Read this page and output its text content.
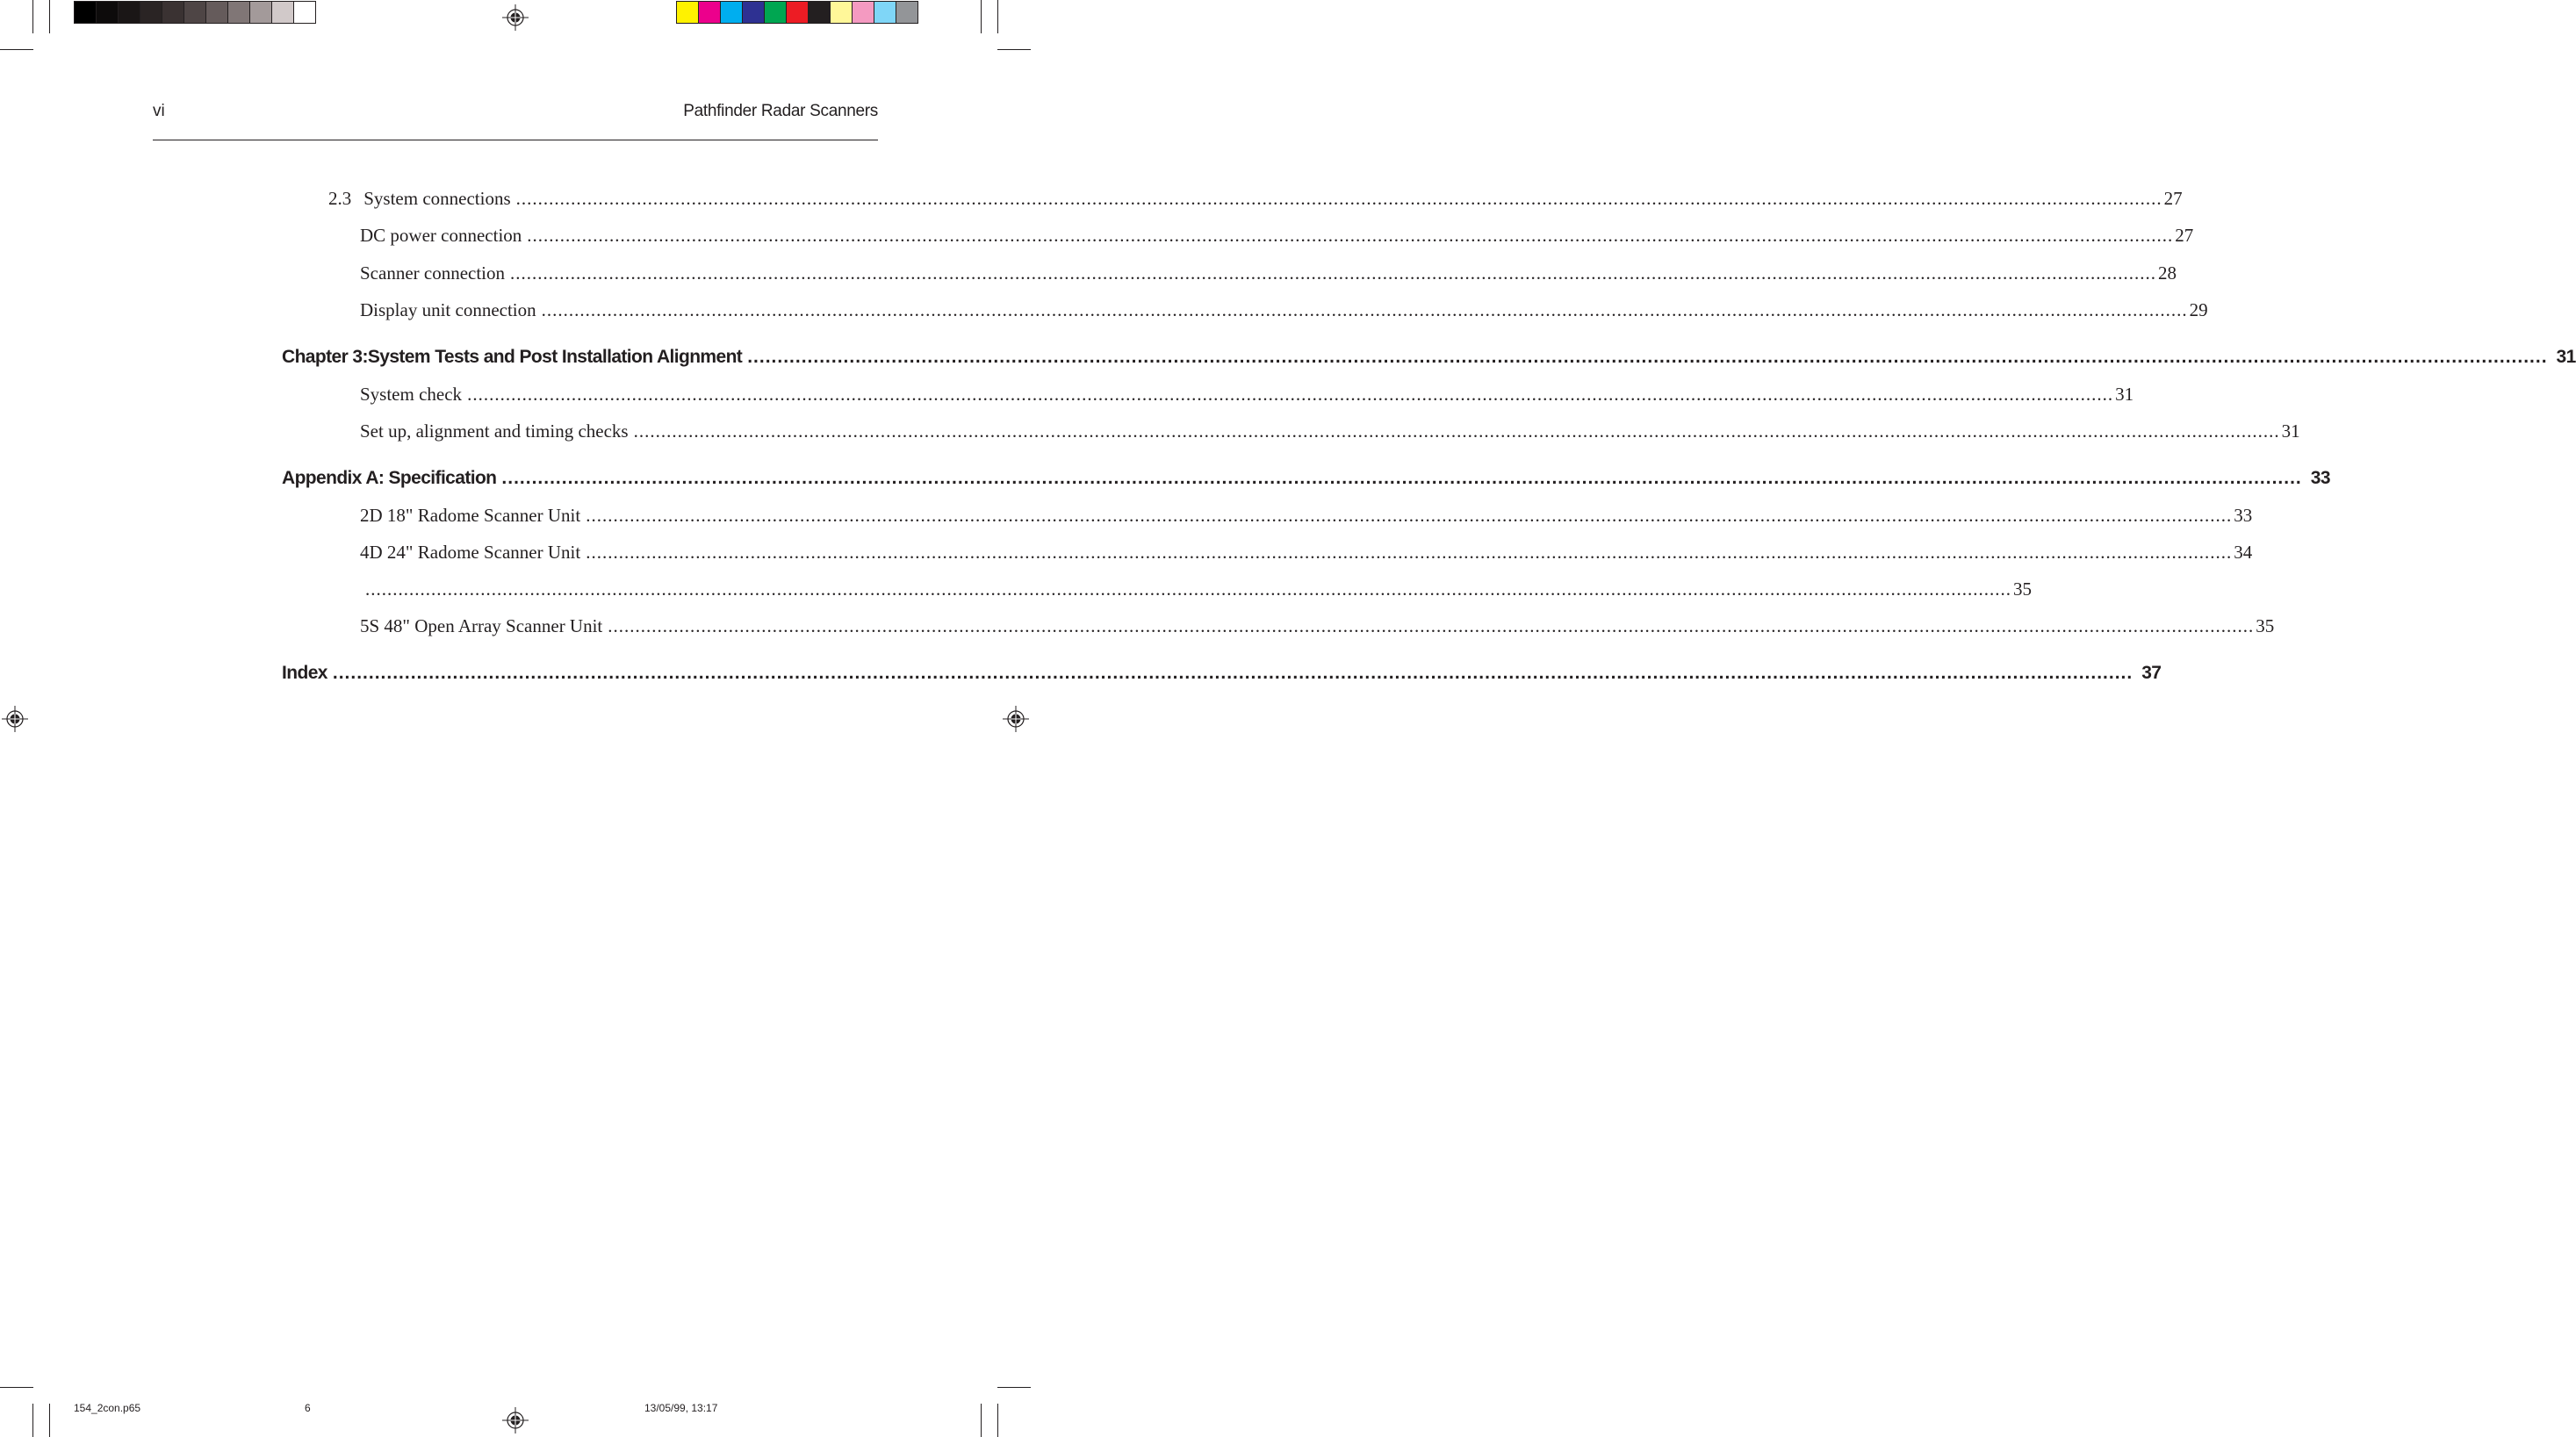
vi	Pathfinder Radar Scanners
2.3 System connections ............................................................................................................................................................................................................................................................................................................ 27
DC power connection ............................................................................................................................................................................................................................................................................................................ 27
Scanner connection ............................................................................................................................................................................................................................................................................................................ 28
Display unit connection ............................................................................................................................................................................................................................................................................................................ 29
Chapter 3:System Tests and Post Installation Alignment ............................................................................................................................................................................................................................................................................................................ 31
System check ............................................................................................................................................................................................................................................................................................................ 31
Set up, alignment and timing checks ............................................................................................................................................................................................................................................................................................................ 31
Appendix A: Specification ............................................................................................................................................................................................................................................................................................................ 33
2D 18" Radome Scanner Unit ............................................................................................................................................................................................................................................................................................................ 33
4D 24" Radome Scanner Unit ............................................................................................................................................................................................................................................................................................................ 34
............................................................................................................................................................................................................................................................................................................ 35
5S 48" Open Array Scanner Unit ............................................................................................................................................................................................................................................................................................................ 35
Index ............................................................................................................................................................................................................................................................................................................ 37
154_2con.p65	6	13/05/99, 13:17
